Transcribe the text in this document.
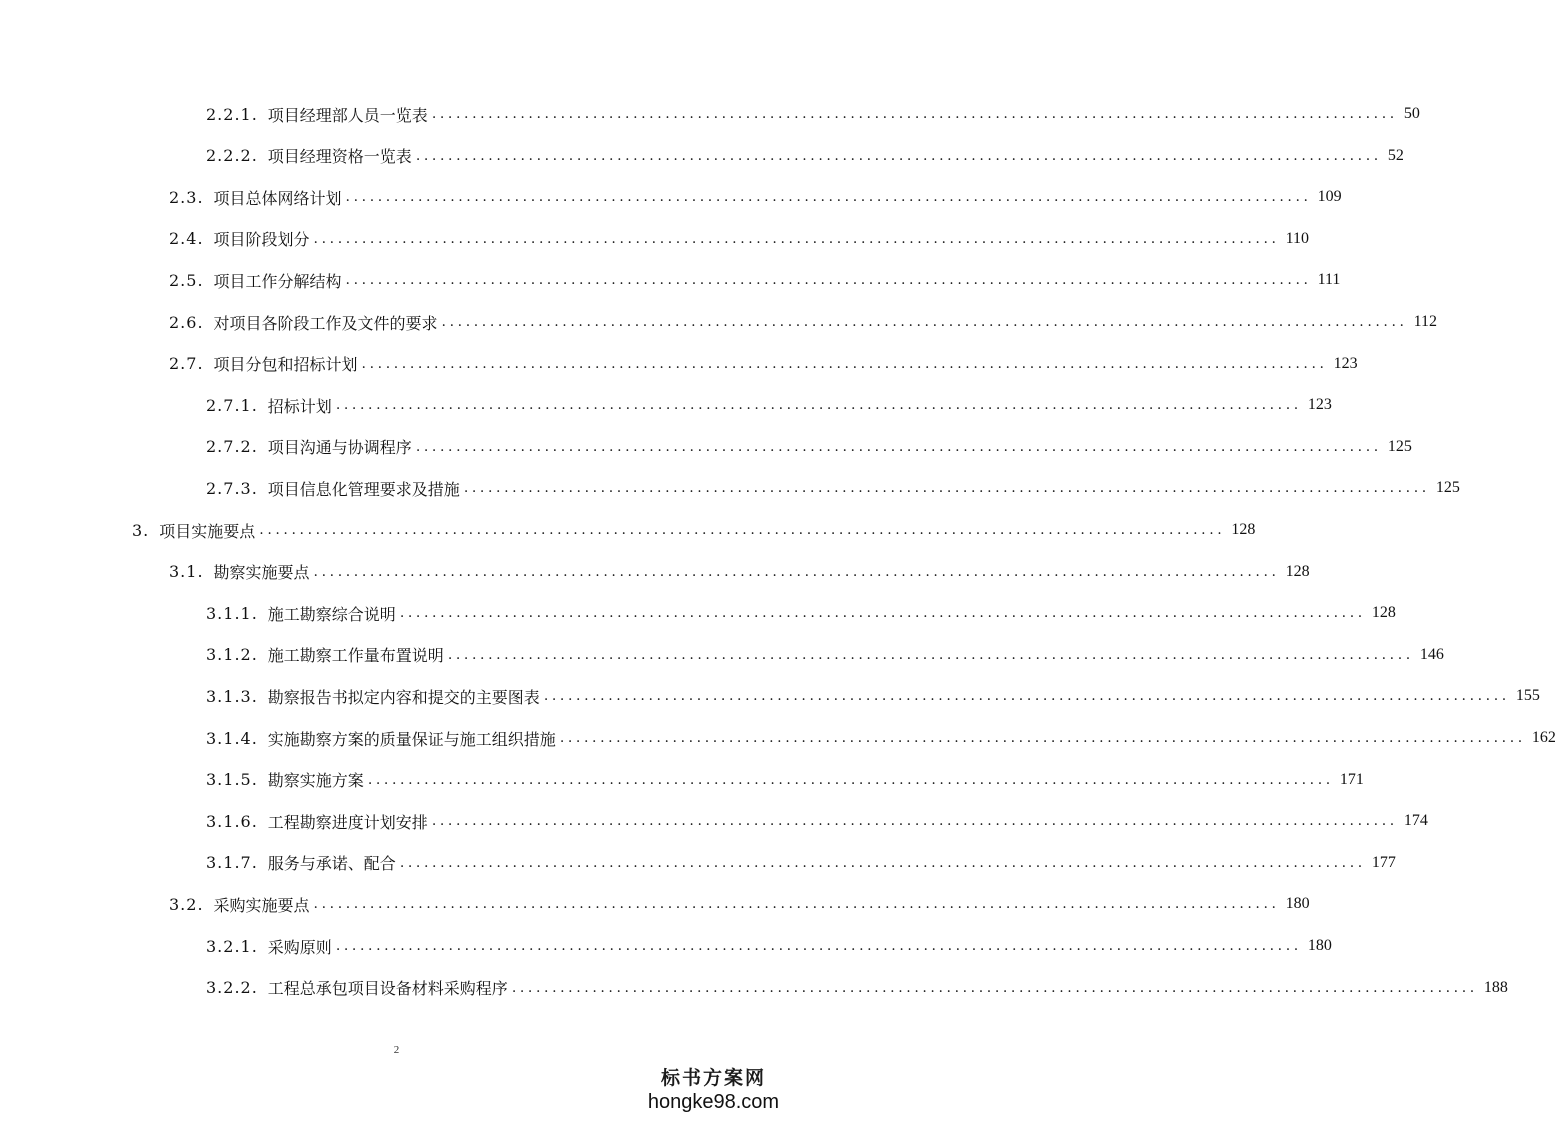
2.2.1. 项目经理部人员一览表 ........................................................................................................................ 50
2.2.2. 项目经理资格一览表 ........................................................................................................................ 52
2.3. 项目总体网络计划 ........................................................................................................................ 109
2.4. 项目阶段划分 ........................................................................................................................ 110
2.5. 项目工作分解结构 ........................................................................................................................ 111
2.6. 对项目各阶段工作及文件的要求 ........................................................................................................................ 112
2.7. 项目分包和招标计划 ........................................................................................................................ 123
2.7.1. 招标计划 ........................................................................................................................ 123
2.7.2. 项目沟通与协调程序 ........................................................................................................................ 125
2.7.3. 项目信息化管理要求及措施 ........................................................................................................................ 125
3. 项目实施要点 ........................................................................................................................ 128
3.1. 勘察实施要点 ........................................................................................................................ 128
3.1.1. 施工勘察综合说明 ........................................................................................................................ 128
3.1.2. 施工勘察工作量布置说明 ........................................................................................................................ 146
3.1.3. 勘察报告书拟定内容和提交的主要图表 ........................................................................................................................ 155
3.1.4. 实施勘察方案的质量保证与施工组织措施 ........................................................................................................................ 162
3.1.5. 勘察实施方案 ........................................................................................................................ 171
3.1.6. 工程勘察进度计划安排 ........................................................................................................................ 174
3.1.7. 服务与承诺、配合 ........................................................................................................................ 177
3.2. 采购实施要点 ........................................................................................................................ 180
3.2.1. 采购原则 ........................................................................................................................ 180
3.2.2. 工程总承包项目设备材料采购程序 ........................................................................................................................ 188
2
标书方案网
hongke98.com
